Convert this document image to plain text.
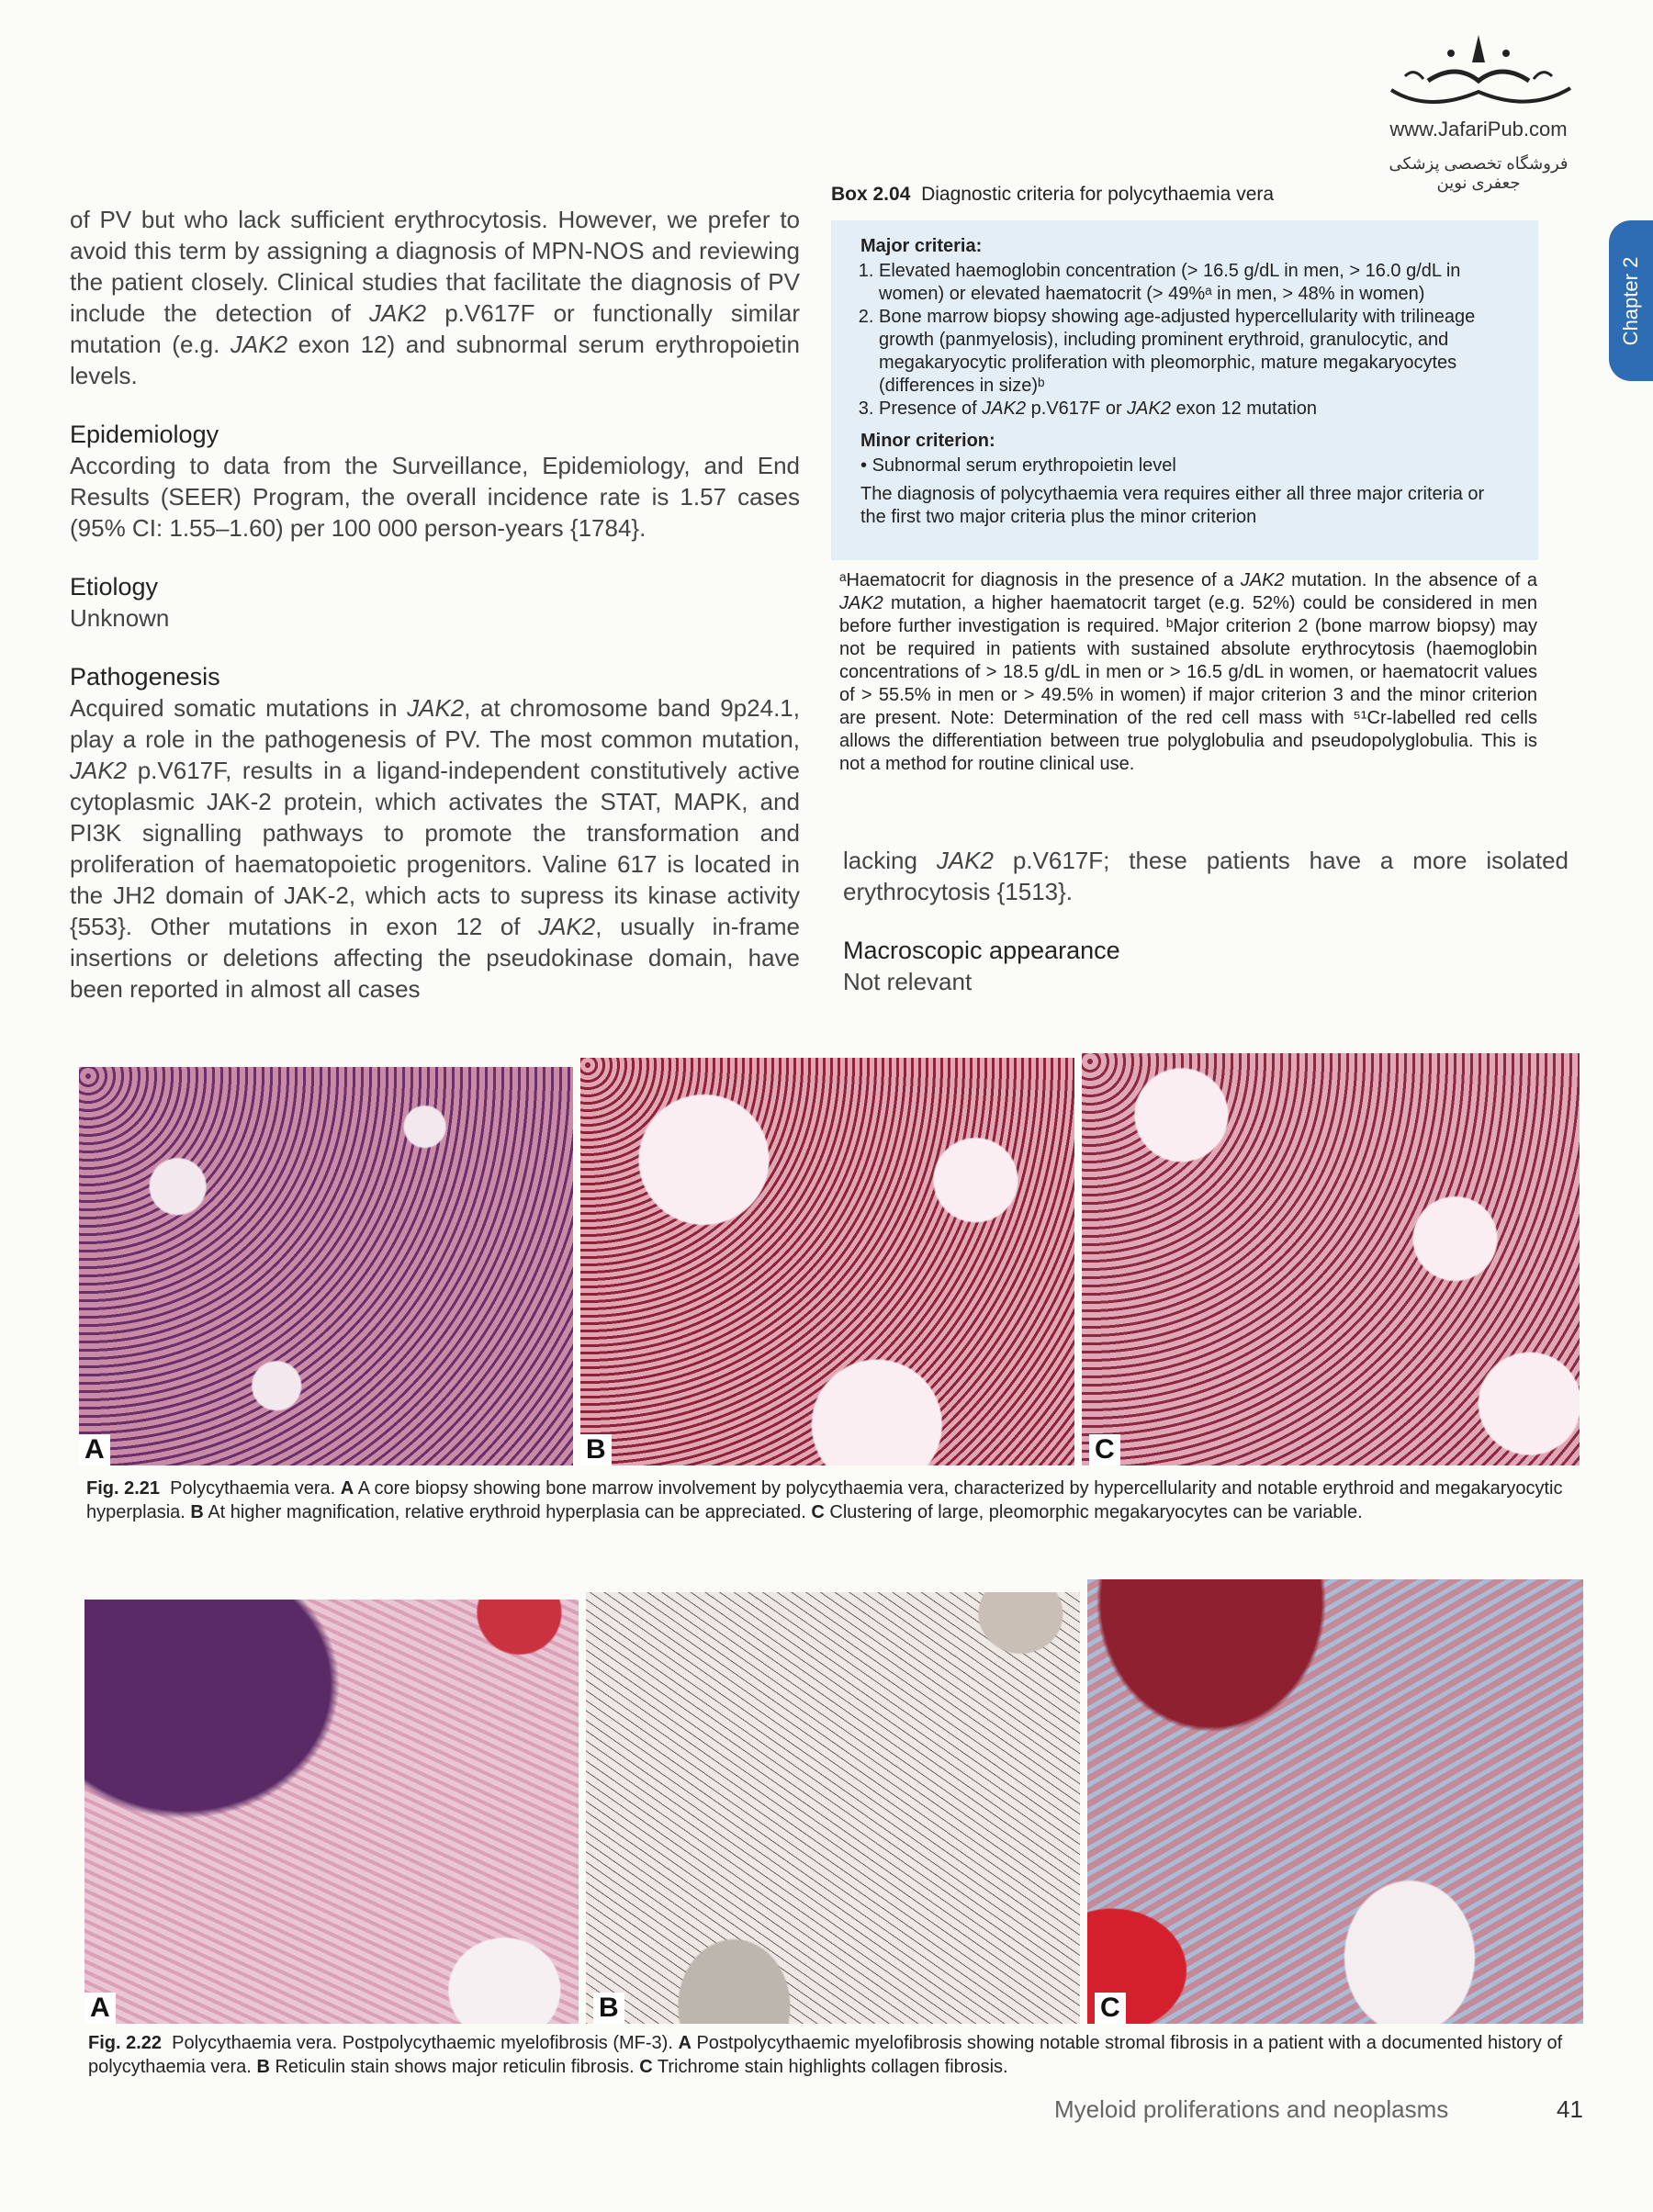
www.JafariPub.com
فروشگاه تخصصی پزشکی جعفری نوین
Chapter 2

of PV but who lack sufficient erythrocytosis. However, we prefer to avoid this term by assigning a diagnosis of MPN-NOS and reviewing the patient closely. Clinical studies that facilitate the diagnosis of PV include the detection of JAK2 p.V617F or functionally similar mutation (e.g. JAK2 exon 12) and subnormal serum erythropoietin levels.

Epidemiology

According to data from the Surveillance, Epidemiology, and End Results (SEER) Program, the overall incidence rate is 1.57 cases (95% CI: 1.55–1.60) per 100 000 person-years {1784}.

Etiology

Unknown

Pathogenesis

Acquired somatic mutations in JAK2, at chromosome band 9p24.1, play a role in the pathogenesis of PV. The most common mutation, JAK2 p.V617F, results in a ligand-independent constitutively active cytoplasmic JAK-2 protein, which activates the STAT, MAPK, and PI3K signalling pathways to promote the transformation and proliferation of haematopoietic progenitors. Valine 617 is located in the JH2 domain of JAK-2, which acts to supress its kinase activity {553}. Other mutations in exon 12 of JAK2, usually in-frame insertions or deletions affecting the pseudokinase domain, have been reported in almost all cases

Box 2.04 Diagnostic criteria for polycythaemia vera
Major criteria:
1. Elevated haemoglobin concentration (> 16.5 g/dL in men, > 16.0 g/dL in women) or elevated haematocrit (> 49%ᵃ in men, > 48% in women)
2. Bone marrow biopsy showing age-adjusted hypercellularity with trilineage growth (panmyelosis), including prominent erythroid, granulocytic, and megakaryocytic proliferation with pleomorphic, mature megakaryocytes (differences in size)ᵇ
3. Presence of JAK2 p.V617F or JAK2 exon 12 mutation
Minor criterion:
• Subnormal serum erythropoietin level

The diagnosis of polycythaemia vera requires either all three major criteria or the first two major criteria plus the minor criterion

ᵃHaematocrit for diagnosis in the presence of a JAK2 mutation. In the absence of a JAK2 mutation, a higher haematocrit target (e.g. 52%) could be considered in men before further investigation is required. ᵇMajor criterion 2 (bone marrow biopsy) may not be required in patients with sustained absolute erythrocytosis (haemoglobin concentrations of > 18.5 g/dL in men or > 16.5 g/dL in women, or haematocrit values of > 55.5% in men or > 49.5% in women) if major criterion 3 and the minor criterion are present. Note: Determination of the red cell mass with ⁵¹Cr-labelled red cells allows the differentiation between true polyglobulia and pseudopolyglobulia. This is not a method for routine clinical use.

lacking JAK2 p.V617F; these patients have a more isolated erythrocytosis {1513}.

Macroscopic appearance

Not relevant

A	B	C
Fig. 2.21 Polycythaemia vera. A A core biopsy showing bone marrow involvement by polycythaemia vera, characterized by hypercellularity and notable erythroid and megakaryocytic hyperplasia. B At higher magnification, relative erythroid hyperplasia can be appreciated. C Clustering of large, pleomorphic megakaryocytes can be variable.
A	B	C
Fig. 2.22 Polycythaemia vera. Postpolycythaemic myelofibrosis (MF-3). A Postpolycythaemic myelofibrosis showing notable stromal fibrosis in a patient with a documented history of polycythaemia vera. B Reticulin stain shows major reticulin fibrosis. C Trichrome stain highlights collagen fibrosis.
Myeloid proliferations and neoplasms	41
